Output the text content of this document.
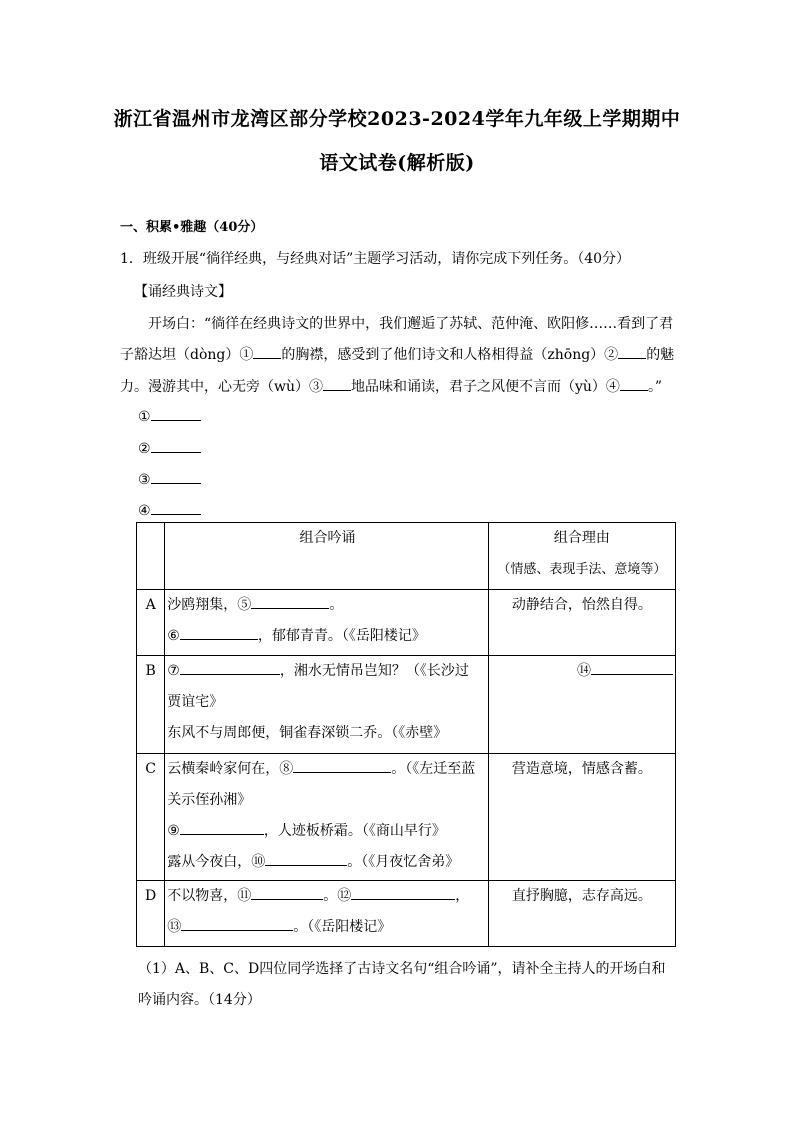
浙江省温州市龙湾区部分学校2023-2024学年九年级上学期期中
语文试卷(解析版)
一、积累•雅趣（40分）
1．班级开展“徜徉经典，与经典对话”主题学习活动，请你完成下列任务。（40分）
【诵经典诗文】
开场白：“徜徉在经典诗文的世界中，我们邂逅了苏轼、范仲淹、欧阳修……看到了君
子豁达坦（dòng）① 的胸襟，感受到了他们诗文和人格相得益（zhōng）② 的魅
力。漫游其中，心无旁（wù）③ 地品味和诵读，君子之风便不言而（yù）④ 。”
①
②
③
④

	组合吟诵	组合理由
（情感、表现手法、意境等）

A	沙鸥翔集，⑤ 。
⑥ ，郁郁青青。（《岳阳楼记》	动静结合，怡然自得。

B	⑦ ，湘水无情吊岂知？（《长沙过
贾谊宅》
东风不与周郎便，铜雀春深锁二乔。（《赤壁》	⑭

C	云横秦岭家何在，⑧ 。（《左迁至蓝
关示侄孙湘》
⑨ ，人迹板桥霜。（《商山早行》
露从今夜白，⑩ 。（《月夜忆舍弟》	营造意境，情感含蓄。

D	不以物喜，⑪ 。⑫ ，
⑬ 。（《岳阳楼记》	直抒胸臆，志存高远。
（1）A、B、C、D四位同学选择了古诗文名句“组合吟诵”，请补全主持人的开场白和
吟诵内容。（14分）
